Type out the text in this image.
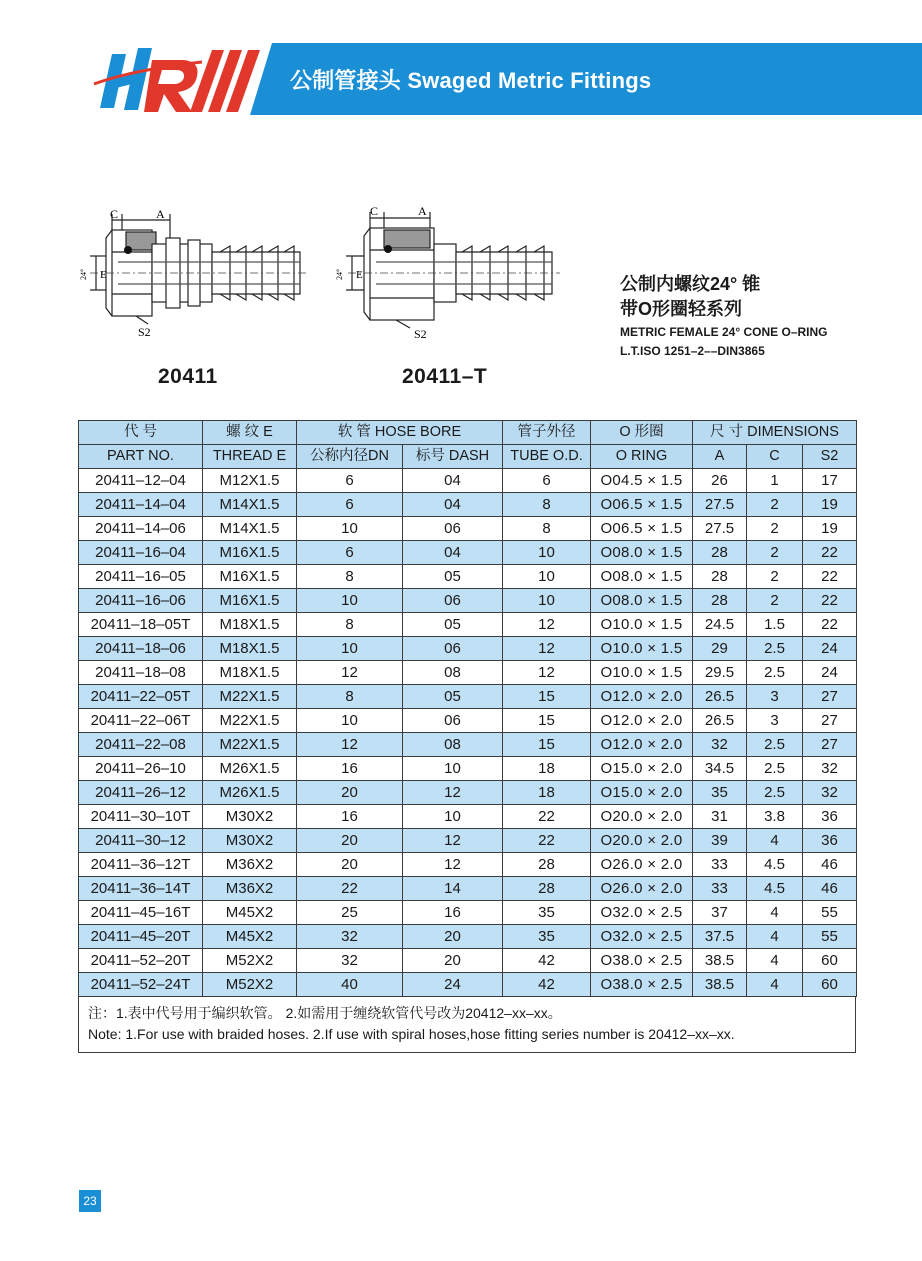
公制管接头 Swaged Metric Fittings
C	A
E
24°
S2
C	A
E
24°
S2
20411	20411–T
公制内螺纹24° 锥
带O形圈轻系列
METRIC FEMALE 24° CONE O–RING
L.T.ISO 1251–2––DIN3865
代 号	螺 纹 E	软 管 HOSE BORE		管子外径	O 形圈	尺 寸 DIMENSIONS		
PART NO.	THREAD E	公称内径DN	标号 DASH	TUBE O.D.	O RING	A	C	S2
20411–12–04	M12X1.5	6	04	6	O04.5 × 1.5	26	1	17
20411–14–04	M14X1.5	6	04	8	O06.5 × 1.5	27.5	2	19
20411–14–06	M14X1.5	10	06	8	O06.5 × 1.5	27.5	2	19
20411–16–04	M16X1.5	6	04	10	O08.0 × 1.5	28	2	22
20411–16–05	M16X1.5	8	05	10	O08.0 × 1.5	28	2	22
20411–16–06	M16X1.5	10	06	10	O08.0 × 1.5	28	2	22
20411–18–05T	M18X1.5	8	05	12	O10.0 × 1.5	24.5	1.5	22
20411–18–06	M18X1.5	10	06	12	O10.0 × 1.5	29	2.5	24
20411–18–08	M18X1.5	12	08	12	O10.0 × 1.5	29.5	2.5	24
20411–22–05T	M22X1.5	8	05	15	O12.0 × 2.0	26.5	3	27
20411–22–06T	M22X1.5	10	06	15	O12.0 × 2.0	26.5	3	27
20411–22–08	M22X1.5	12	08	15	O12.0 × 2.0	32	2.5	27
20411–26–10	M26X1.5	16	10	18	O15.0 × 2.0	34.5	2.5	32
20411–26–12	M26X1.5	20	12	18	O15.0 × 2.0	35	2.5	32
20411–30–10T	M30X2	16	10	22	O20.0 × 2.0	31	3.8	36
20411–30–12	M30X2	20	12	22	O20.0 × 2.0	39	4	36
20411–36–12T	M36X2	20	12	28	O26.0 × 2.0	33	4.5	46
20411–36–14T	M36X2	22	14	28	O26.0 × 2.0	33	4.5	46
20411–45–16T	M45X2	25	16	35	O32.0 × 2.5	37	4	55
20411–45–20T	M45X2	32	20	35	O32.0 × 2.5	37.5	4	55
20411–52–20T	M52X2	32	20	42	O38.0 × 2.5	38.5	4	60
20411–52–24T	M52X2	40	24	42	O38.0 × 2.5	38.5	4	60
注：1.表中代号用于编织软管。 2.如需用于缠绕软管代号改为20412–xx–xx。
Note: 1.For use with braided hoses. 2.If use with spiral hoses,hose fitting series number is 20412–xx–xx.
23
